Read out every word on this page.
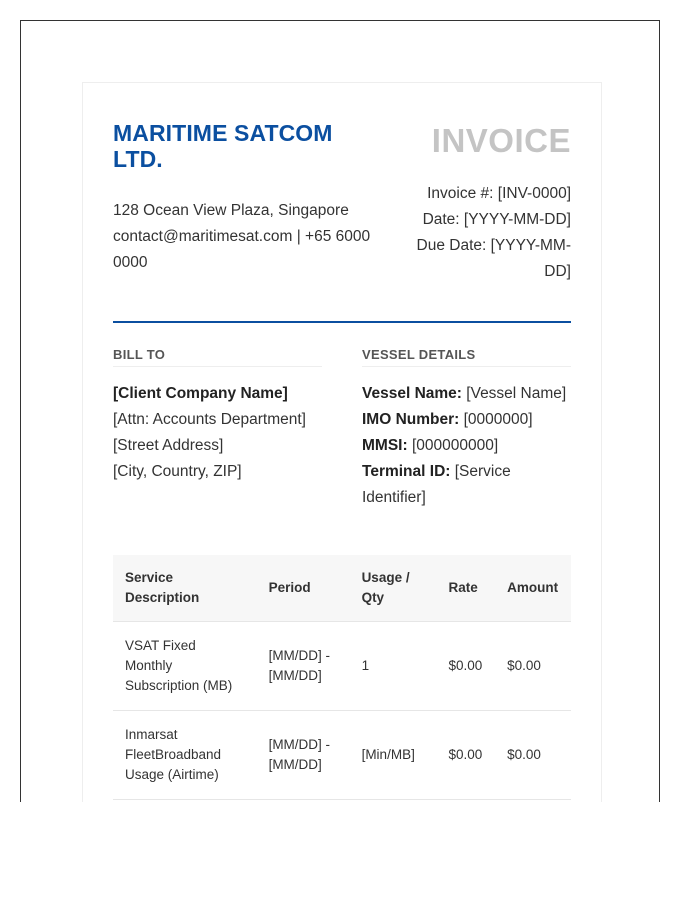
MARITIME SATCOM LTD.
128 Ocean View Plaza, Singapore
contact@maritimesat.com | +65 6000 0000
INVOICE
Invoice #: [INV-0000]
Date: [YYYY-MM-DD]
Due Date: [YYYY-MM-DD]
BILL TO
[Client Company Name]
[Attn: Accounts Department]
[Street Address]
[City, Country, ZIP]
VESSEL DETAILS
Vessel Name: [Vessel Name]
IMO Number: [0000000]
MMSI: [000000000]
Terminal ID: [Service Identifier]
Service Description	Period	Usage / Qty	Rate	Amount
VSAT Fixed Monthly Subscription (MB)	[MM/DD] - [MM/DD]	1	$0.00	$0.00
Inmarsat FleetBroadband Usage (Airtime)	[MM/DD] - [MM/DD]	[Min/MB]	$0.00	$0.00
